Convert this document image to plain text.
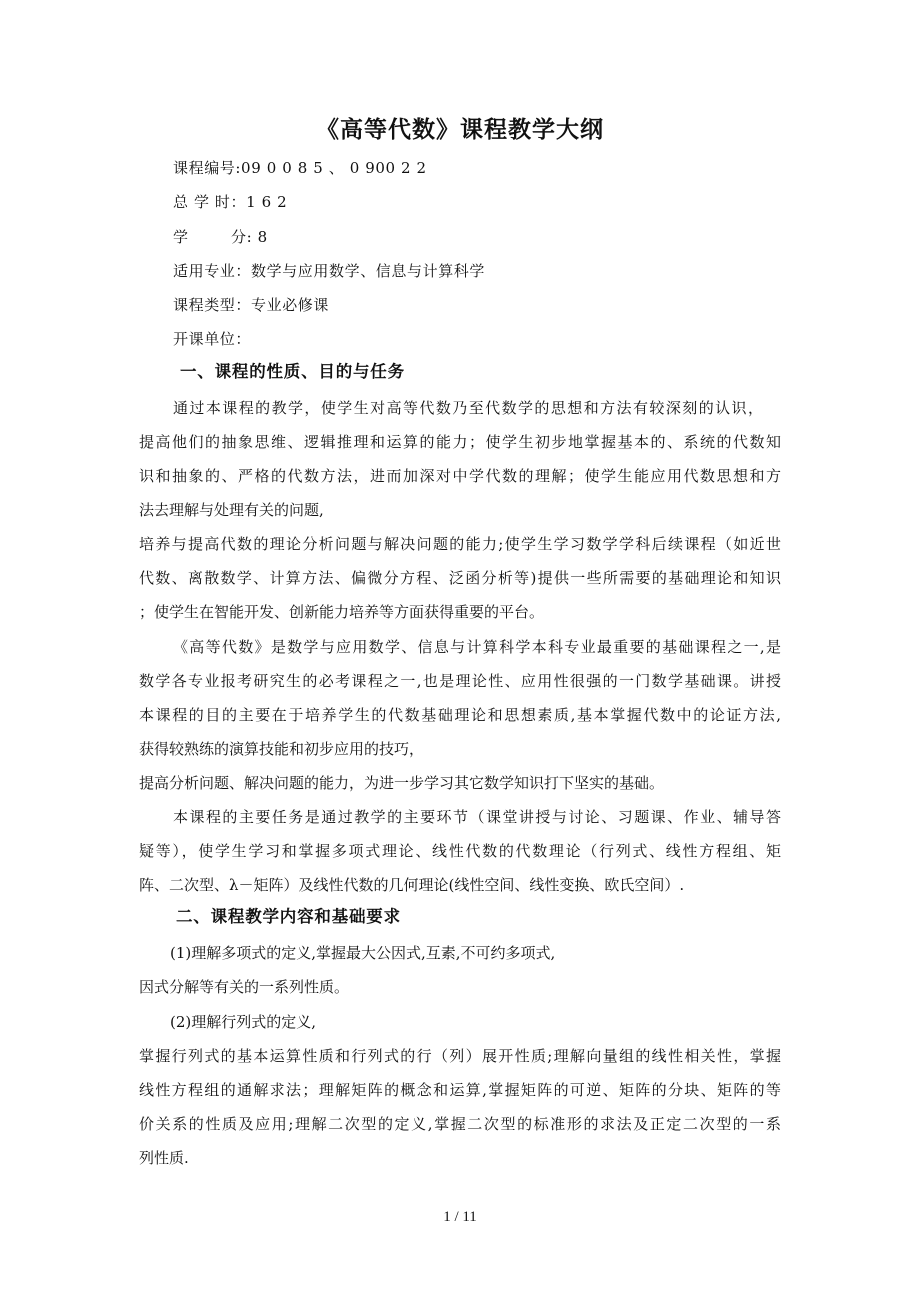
《高等代数》课程教学大纲
课程编号:09 0 0 8 5 、 0 900 2 2
总 学 时：1 6 2
学	分: 8
适用专业：数学与应用数学、信息与计算科学
课程类型：专业必修课
开课单位：
一、课程的性质、目的与任务
通过本课程的教学，使学生对高等代数乃至代数学的思想和方法有较深刻的认识，
提高他们的抽象思维、逻辑推理和运算的能力；使学生初步地掌握基本的、系统的代数知
识和抽象的、严格的代数方法，进而加深对中学代数的理解；使学生能应用代数思想和方
法去理解与处理有关的问题,
培养与提高代数的理论分析问题与解决问题的能力;使学生学习数学学科后续课程（如近世
代数、离散数学、计算方法、偏微分方程、泛函分析等)提供一些所需要的基础理论和知识
；使学生在智能开发、创新能力培养等方面获得重要的平台。
《高等代数》是数学与应用数学、信息与计算科学本科专业最重要的基础课程之一,是
数学各专业报考研究生的必考课程之一,也是理论性、应用性很强的一门数学基础课。讲授
本课程的目的主要在于培养学生的代数基础理论和思想素质,基本掌握代数中的论证方法,
获得较熟练的演算技能和初步应用的技巧，
提高分析问题、解决问题的能力，为进一步学习其它数学知识打下坚实的基础。
本课程的主要任务是通过教学的主要环节（课堂讲授与讨论、习题课、作业、辅导答
疑等），使学生学习和掌握多项式理论、线性代数的代数理论（行列式、线性方程组、矩
阵、二次型、λ－矩阵）及线性代数的几何理论(线性空间、线性变换、欧氏空间）.
二、课程教学内容和基础要求
(1)理解多项式的定义,掌握最大公因式,互素,不可约多项式,
因式分解等有关的一系列性质。
(2)理解行列式的定义,
掌握行列式的基本运算性质和行列式的行（列）展开性质;理解向量组的线性相关性，掌握
线性方程组的通解求法；理解矩阵的概念和运算,掌握矩阵的可逆、矩阵的分块、矩阵的等
价关系的性质及应用;理解二次型的定义,掌握二次型的标准形的求法及正定二次型的一系
列性质.
1 / 11
